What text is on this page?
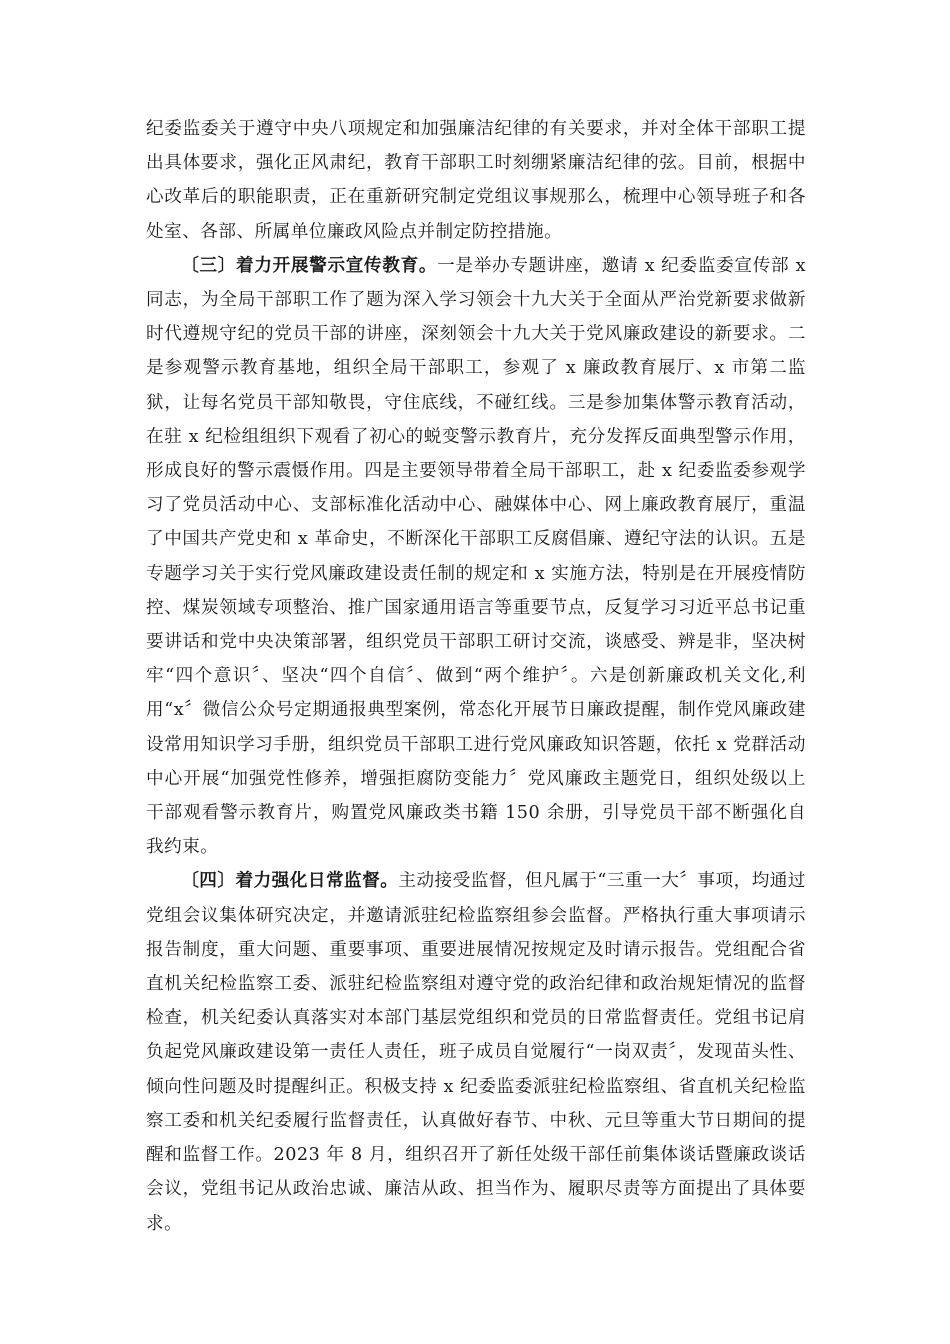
纪委监委关于遵守中央八项规定和加强廉洁纪律的有关要求，并对全体干部职工提出具体要求，强化正风肃纪，教育干部职工时刻绷紧廉洁纪律的弦。目前，根据中心改革后的职能职责，正在重新研究制定党组议事规那么，梳理中心领导班子和各处室、各部、所属单位廉政风险点并制定防控措施。

〔三〕着力开展警示宣传教育。一是举办专题讲座，邀请 x 纪委监委宣传部 x 同志，为全局干部职工作了题为深入学习领会十九大关于全面从严治党新要求做新时代遵规守纪的党员干部的讲座，深刻领会十九大关于党风廉政建设的新要求。二是参观警示教育基地，组织全局干部职工，参观了 x 廉政教育展厅、x 市第二监狱，让每名党员干部知敬畏，守住底线，不碰红线。三是参加集体警示教育活动，在驻 x 纪检组组织下观看了初心的蜕变警示教育片，充分发挥反面典型警示作用，形成良好的警示震慑作用。四是主要领导带着全局干部职工，赴 x 纪委监委参观学习了党员活动中心、支部标准化活动中心、融媒体中心、网上廉政教育展厅，重温了中国共产党史和 x 革命史，不断深化干部职工反腐倡廉、遵纪守法的认识。五是专题学习关于实行党风廉政建设责任制的规定和 x 实施方法，特别是在开展疫情防控、煤炭领域专项整治、推广国家通用语言等重要节点，反复学习习近平总书记重要讲话和党中央决策部署，组织党员干部职工研讨交流，谈感受、辨是非，坚决树牢“四个意识〞、坚决“四个自信〞、做到“两个维护〞。六是创新廉政机关文化,利用“x〞微信公众号定期通报典型案例，常态化开展节日廉政提醒，制作党风廉政建设常用知识学习手册，组织党员干部职工进行党风廉政知识答题，依托 x 党群活动中心开展“加强党性修养，增强拒腐防变能力〞党风廉政主题党日，组织处级以上干部观看警示教育片，购置党风廉政类书籍 150 余册，引导党员干部不断强化自我约束。

〔四〕着力强化日常监督。主动接受监督，但凡属于“三重一大〞事项，均通过党组会议集体研究决定，并邀请派驻纪检监察组参会监督。严格执行重大事项请示报告制度，重大问题、重要事项、重要进展情况按规定及时请示报告。党组配合省直机关纪检监察工委、派驻纪检监察组对遵守党的政治纪律和政治规矩情况的监督检查，机关纪委认真落实对本部门基层党组织和党员的日常监督责任。党组书记肩负起党风廉政建设第一责任人责任，班子成员自觉履行“一岗双责〞，发现苗头性、倾向性问题及时提醒纠正。积极支持 x 纪委监委派驻纪检监察组、省直机关纪检监察工委和机关纪委履行监督责任，认真做好春节、中秋、元旦等重大节日期间的提醒和监督工作。2023 年 8 月，组织召开了新任处级干部任前集体谈话暨廉政谈话会议，党组书记从政治忠诚、廉洁从政、担当作为、履职尽责等方面提出了具体要求。
